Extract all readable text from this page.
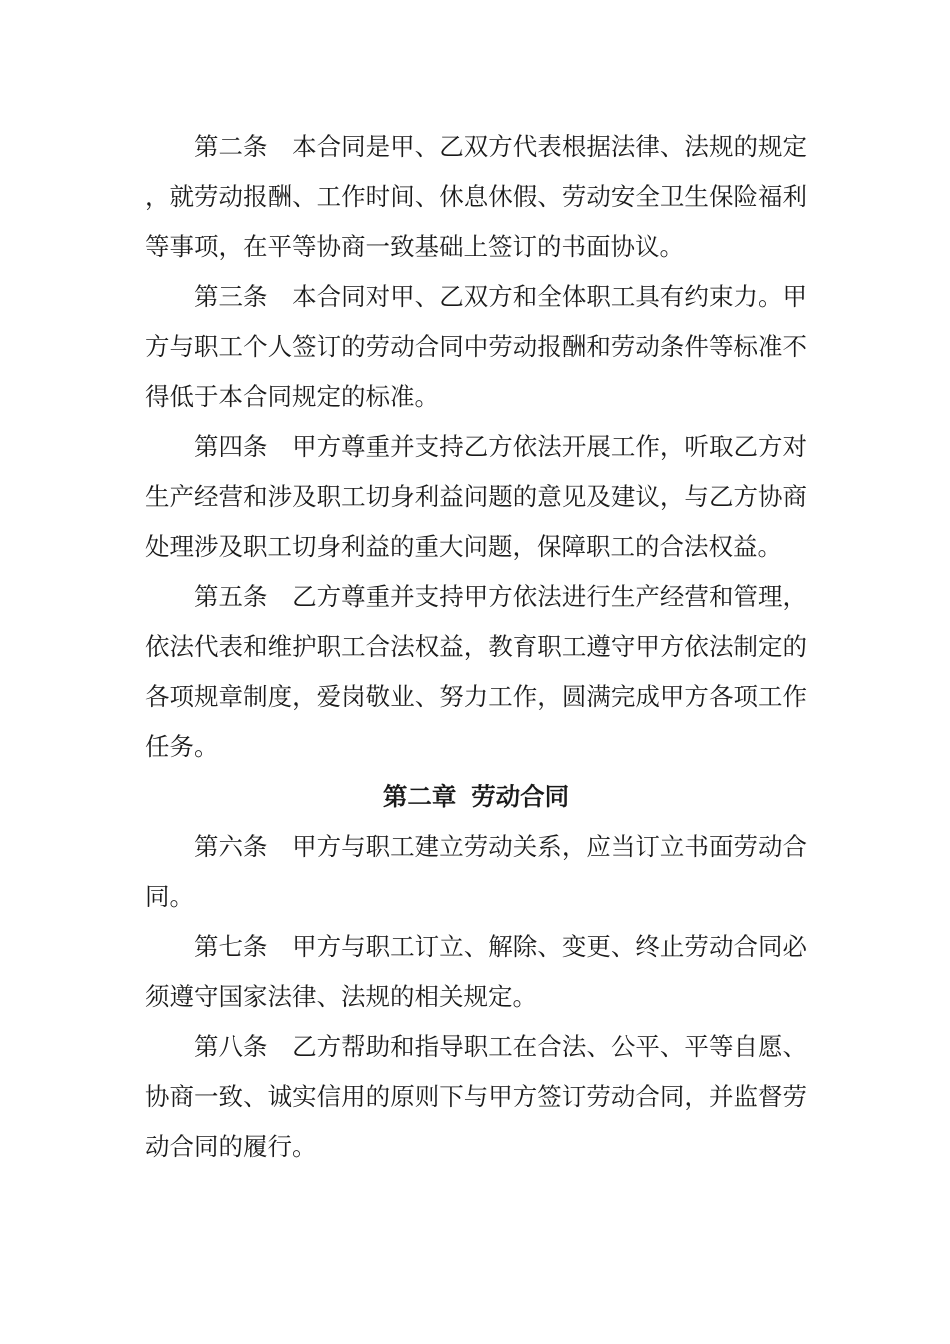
第二条 本合同是甲、乙双方代表根据法律、法规的规定，就劳动报酬、工作时间、休息休假、劳动安全卫生保险福利等事项，在平等协商一致基础上签订的书面协议。

第三条 本合同对甲、乙双方和全体职工具有约束力。甲方与职工个人签订的劳动合同中劳动报酬和劳动条件等标准不得低于本合同规定的标准。

第四条 甲方尊重并支持乙方依法开展工作，听取乙方对生产经营和涉及职工切身利益问题的意见及建议，与乙方协商处理涉及职工切身利益的重大问题，保障职工的合法权益。

第五条 乙方尊重并支持甲方依法进行生产经营和管理，依法代表和维护职工合法权益，教育职工遵守甲方依法制定的各项规章制度，爱岗敬业、努力工作，圆满完成甲方各项工作任务。

第二章 劳动合同

第六条 甲方与职工建立劳动关系，应当订立书面劳动合同。

第七条 甲方与职工订立、解除、变更、终止劳动合同必须遵守国家法律、法规的相关规定。

第八条 乙方帮助和指导职工在合法、公平、平等自愿、协商一致、诚实信用的原则下与甲方签订劳动合同，并监督劳动合同的履行。
